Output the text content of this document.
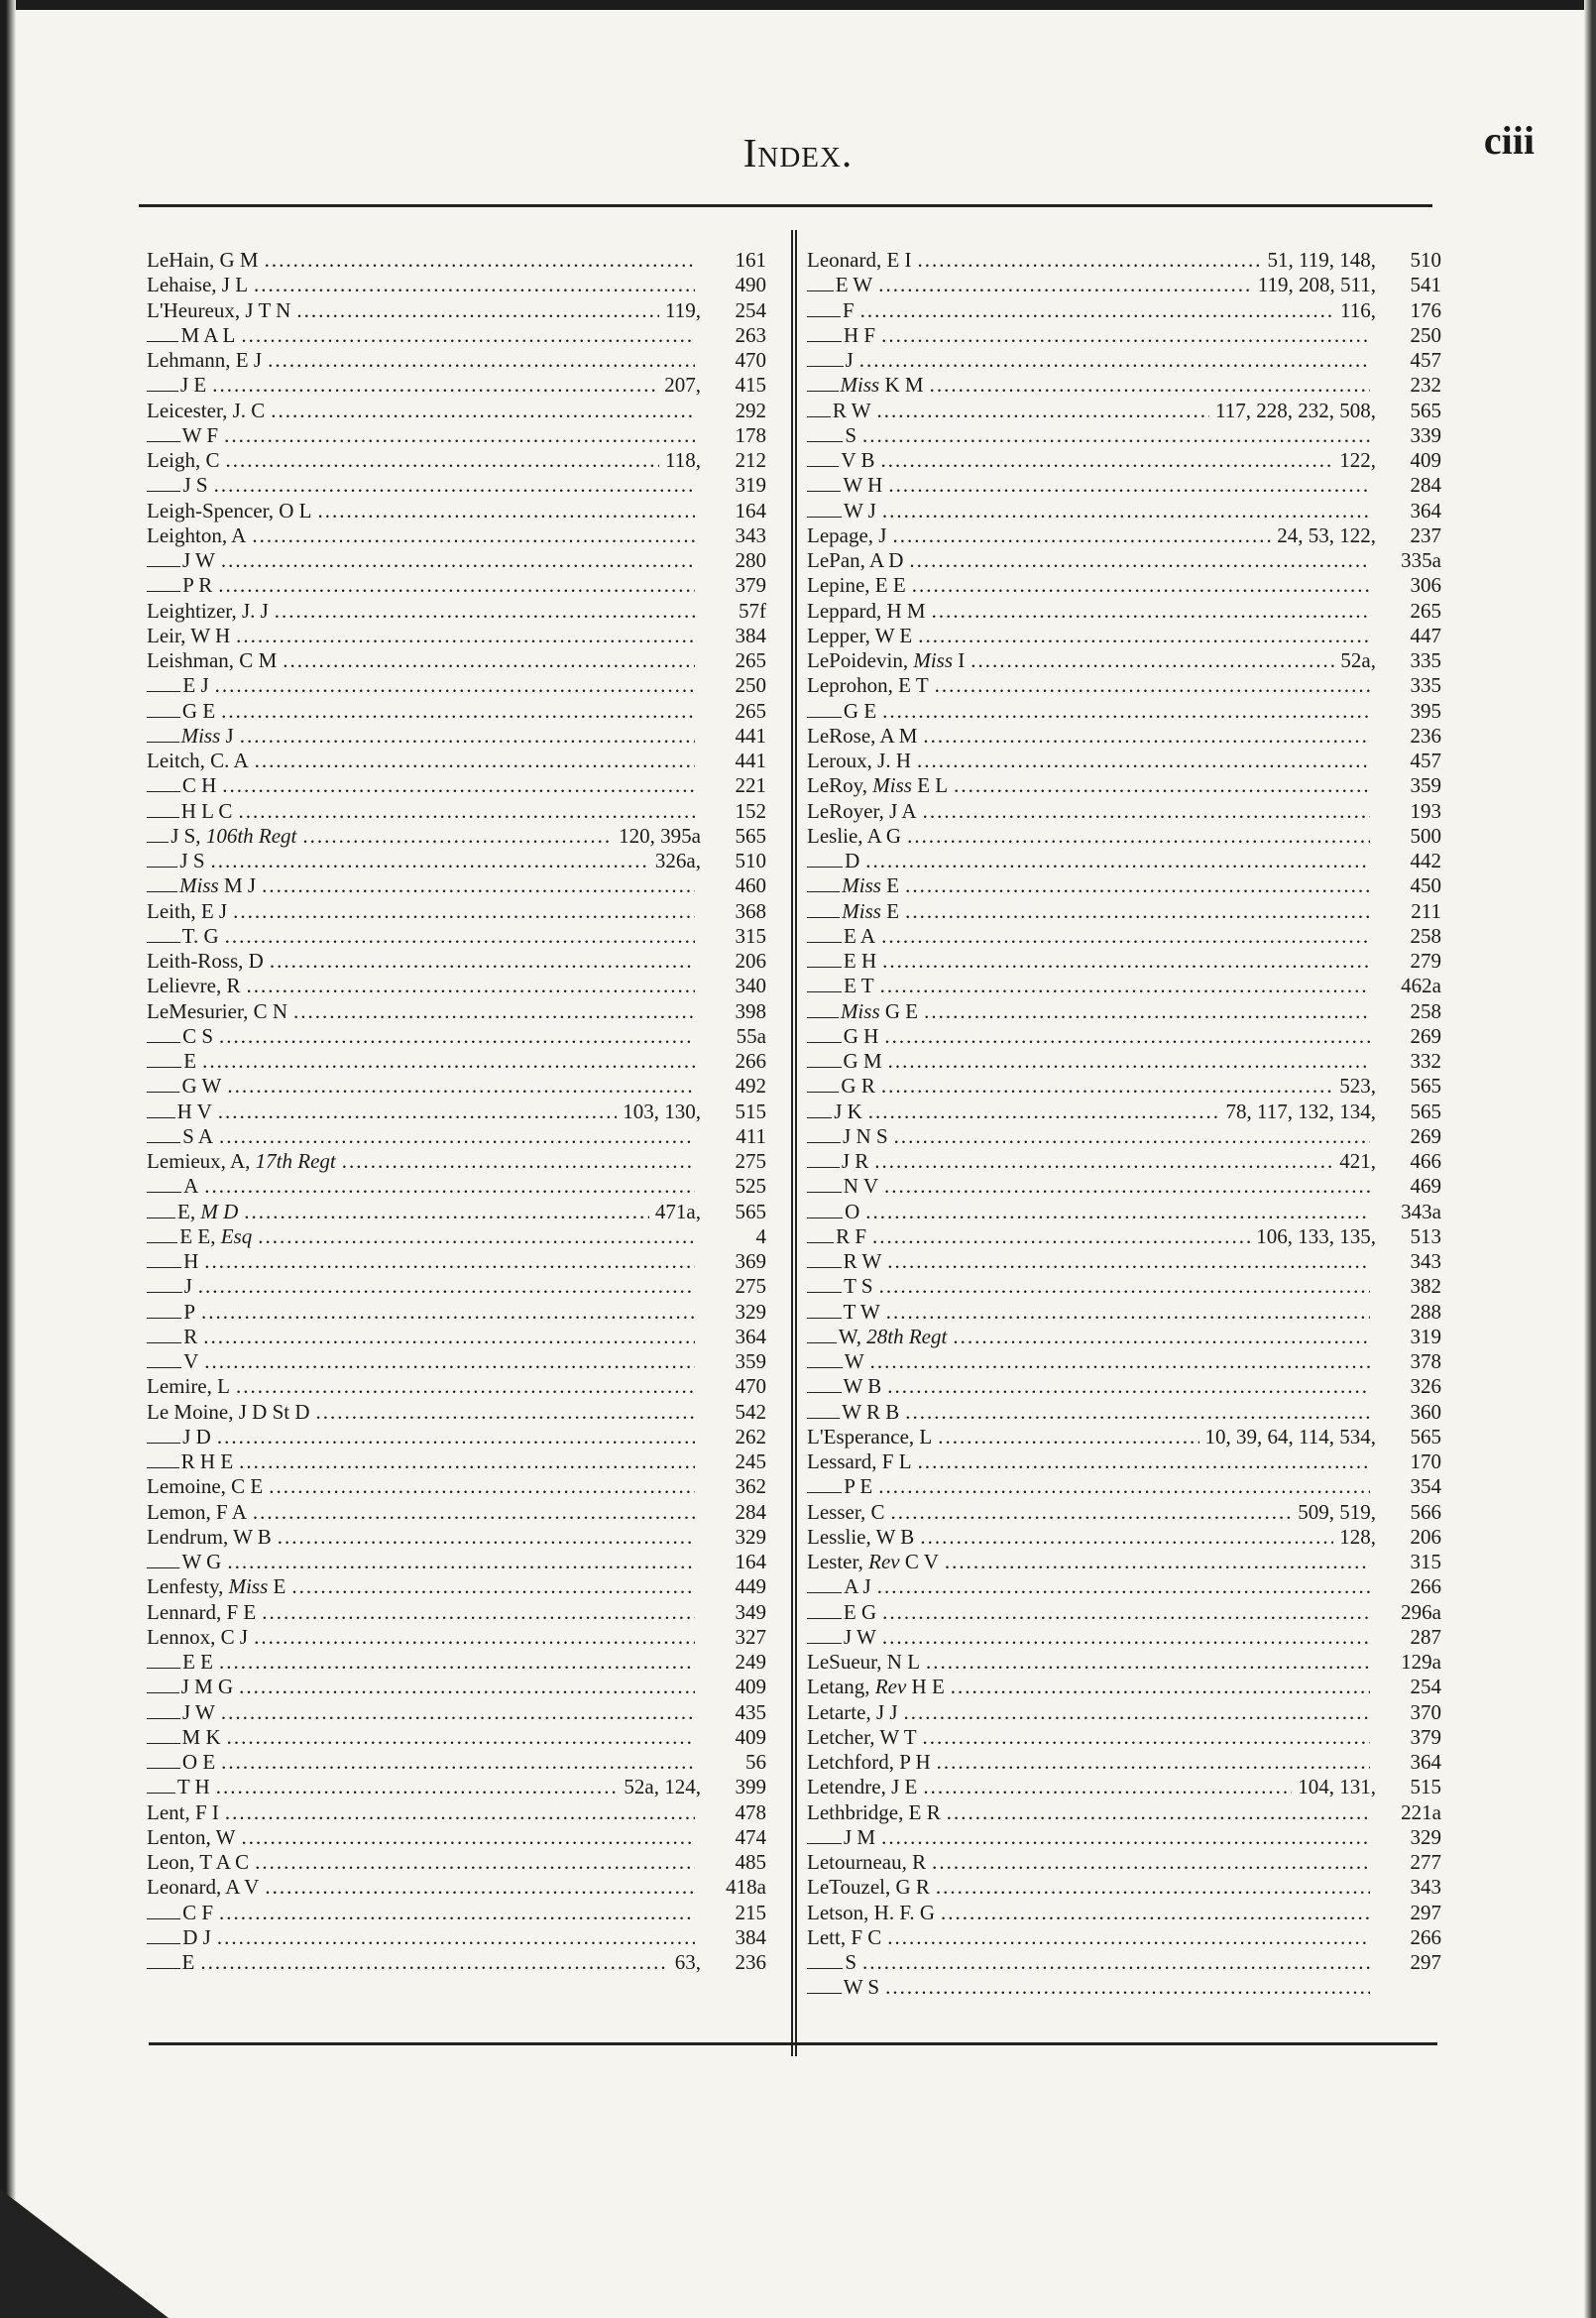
Index.	ciii
LeHain, G M .....	161
Lehaise, J L .....	490
L'Heureux, J T N .....	119,	254
M A L .....	263
Lehmann, E J .....	470
J E .....	207,	415
Leicester, J. C .....	292
W F .....	178
Leigh, C .....	118,	212
J S .....	319
Leigh-Spencer, O L .....	164
Leighton, A .....	343
J W .....	280
P R .....	379
Leightizer, J. J .....	57f
Leir, W H .....	384
Leishman, C M .....	265
E J .....	250
G E .....	265
Miss J .....	441
Leitch, C. A .....	441
C H .....	221
H L C .....	152
J S, 106th Regt .....	120, 395a	565
J S .....	326a,	510
Miss M J .....	460
Leith, E J .....	368
T. G .....	315
Leith-Ross, D .....	206
Lelievre, R .....	340
LeMesurier, C N .....	398
C S .....	55a
E .....	266
G W .....	492
H V .....	103, 130,	515
S A .....	411
Lemieux, A, 17th Regt .....	275
A .....	525
E, M D .....	471a,	565
E E, Esq .....	4
H .....	369
J .....	275
P .....	329
R .....	364
V .....	359
Lemire, L .....	470
Le Moine, J D St D .....	542
J D .....	262
R H E .....	245
Lemoine, C E .....	362
Lemon, F A .....	284
Lendrum, W B .....	329
W G .....	164
Lenfesty, Miss E .....	449
Lennard, F E .....	349
Lennox, C J .....	327
E E .....	249
J M G .....	409
J W .....	435
M K .....	409
O E .....	56
T H .....	52a, 124,	399
Lent, F I .....	478
Lenton, W .....	474
Leon, T A C .....	485
Leonard, A V .....	418a
C F .....	215
D J .....	384
E .....	63,	236
Leonard, E I .....	51, 119, 148,	510
E W .....	119, 208, 511,	541
F .....	116,	176
H F .....	250
J .....	457
Miss K M .....	232
R W .....	117, 228, 232, 508,	565
S .....	339
V B .....	122,	409
W H .....	284
W J .....	364
Lepage, J .....	24, 53, 122,	237
LePan, A D .....	335a
Lepine, E E .....	306
Leppard, H M .....	265
Lepper, W E .....	447
LePoidevin, Miss I .....	52a,	335
Leprohon, E T .....	335
G E .....	395
LeRose, A M .....	236
Leroux, J. H .....	457
LeRoy, Miss E L .....	359
LeRoyer, J A .....	193
Leslie, A G .....	500
D .....	442
Miss E .....	450
Miss E .....	211
E A .....	258
E H .....	279
E T .....	462a
Miss G E .....	258
G H .....	269
G M .....	332
G R .....	523,	565
J K .....	78, 117, 132, 134,	565
J N S .....	269
J R .....	421,	466
N V .....	469
O .....	343a
R F .....	106, 133, 135,	513
R W .....	343
T S .....	382
T W .....	288
W, 28th Regt .....	319
W .....	378
W B .....	326
W R B .....	360
L'Esperance, L .....	10, 39, 64, 114, 534,	565
Lessard, F L .....	170
P E .....	354
Lesser, C .....	509, 519,	566
Lesslie, W B .....	128,	206
Lester, Rev C V .....	315
A J .....	266
E G .....	296a
J W .....	287
LeSueur, N L .....	129a
Letang, Rev H E .....	254
Letarte, J J .....	370
Letcher, W T .....	379
Letchford, P H .....	364
Letendre, J E .....	104, 131,	515
Lethbridge, E R .....	221a
J M .....	329
Letourneau, R .....	277
LeTouzel, G R .....	343
Letson, H. F. G .....	297
Lett, F C .....	266
S .....	297
W S
.....
